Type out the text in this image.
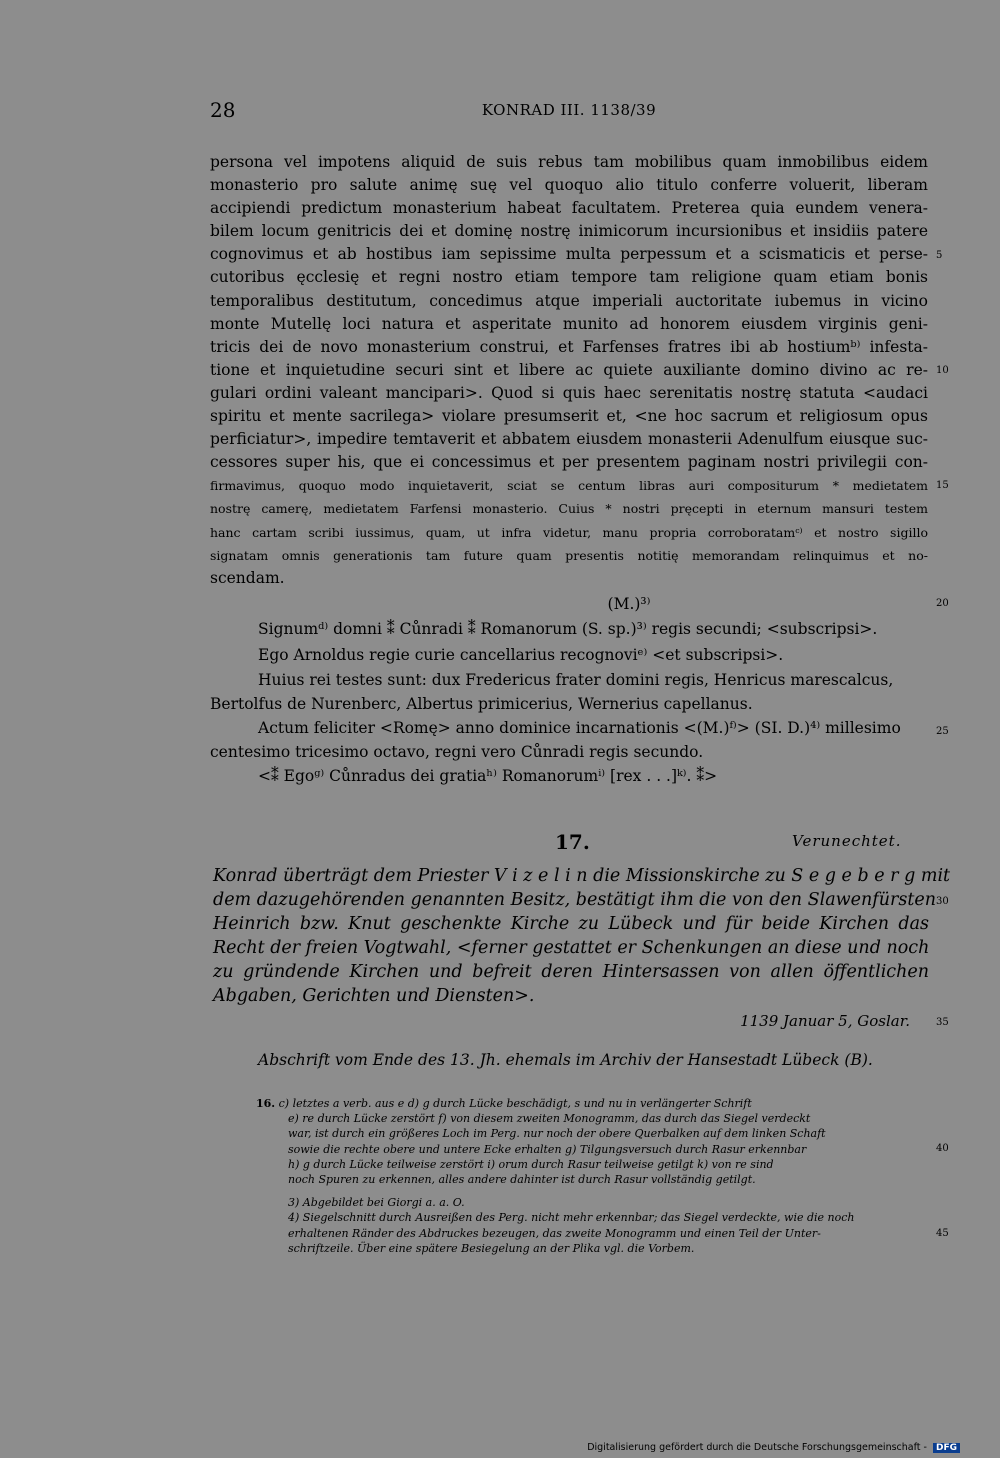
28	KONRAD III. 1138/39
persona vel impotens aliquid de suis rebus tam mobilibus quam inmobilibus eidem
monasterio pro salute animę suę vel quoquo alio titulo conferre voluerit, liberam
accipiendi predictum monasterium habeat facultatem. Preterea quia eundem venera-
bilem locum genitricis dei et dominę nostrę inimicorum incursionibus et insidiis patere
cognovimus et ab hostibus iam sepissime multa perpessum et a scismaticis et perse-
cutoribus ęcclesię et regni nostro etiam tempore tam religione quam etiam bonis
temporalibus destitutum, concedimus atque imperiali auctoritate iubemus in vicino
monte Mutellę loci natura et asperitate munito ad honorem eiusdem virginis geni-
tricis dei de novo monasterium construi, et Farfenses fratres ibi ab hostiumᵇ⁾ infesta-
tione et inquietudine securi sint et libere ac quiete auxiliante domino divino ac re-
gulari ordini valeant mancipari>. Quod si quis haec serenitatis nostrę statuta <audaci
spiritu et mente sacrilega> violare presumserit et, <ne hoc sacrum et religiosum opus
perficiatur>, impedire temtaverit et abbatem eiusdem monasterii Adenulfum eiusque suc-
cessores super his, que ei concessimus et per presentem paginam nostri privilegii con-
firmavimus, quoquo modo inquietaverit, sciat se centum libras auri compositurum * medietatem
nostrę camerę, medietatem Farfensi monasterio. Cuius * nostri pręcepti in eternum mansuri testem
hanc cartam scribi iussimus, quam, ut infra videtur, manu propria corroboratamᶜ⁾ et nostro sigillo
signatam omnis generationis tam future quam presentis notitię memorandam relinquimus et no-
scendam.
5
10
15
20
25
30
35
40
45
(M.)³⁾
Signumᵈ⁾ domni ⁑ Cůnradi ⁑ Romanorum (S. sp.)³⁾ regis secundi; <subscripsi>.
Ego Arnoldus regie curie cancellarius recognoviᵉ⁾ <et subscripsi>.
Huius rei testes sunt: dux Fredericus frater domini regis, Henricus marescalcus,
Bertolfus de Nurenberc, Albertus primicerius, Wernerius capellanus.
Actum feliciter <Romę> anno dominice incarnationis <(M.)ᶠ⁾> (SI. D.)⁴⁾ millesimo
centesimo tricesimo octavo, regni vero Cůnradi regis secundo.
<⁑ Egoᵍ⁾ Cůnradus dei gratiaʰ⁾ Romanorumⁱ⁾ [rex . . .]ᵏ⁾. ⁑>
17.	Verunechtet.
Konrad überträgt dem Priester V i z e l i n die Missionskirche zu S e g e b e r g mit
dem dazugehörenden genannten Besitz, bestätigt ihm die von den Slawenfürsten
Heinrich bzw. Knut geschenkte Kirche zu Lübeck und für beide Kirchen das
Recht der freien Vogtwahl, <ferner gestattet er Schenkungen an diese und noch
zu gründende Kirchen und befreit deren Hintersassen von allen öffentlichen
Abgaben, Gerichten und Diensten>.
1139 Januar 5, Goslar.
Abschrift vom Ende des 13. Jh. ehemals im Archiv der Hansestadt Lübeck (B).
16. c) letztes a verb. aus e d) g durch Lücke beschädigt, s und nu in verlängerter Schrift
e) re durch Lücke zerstört f) von diesem zweiten Monogramm, das durch das Siegel verdeckt
war, ist durch ein größeres Loch im Perg. nur noch der obere Querbalken auf dem linken Schaft
sowie die rechte obere und untere Ecke erhalten g) Tilgungsversuch durch Rasur erkennbar
h) g durch Lücke teilweise zerstört i) orum durch Rasur teilweise getilgt k) von re sind
noch Spuren zu erkennen, alles andere dahinter ist durch Rasur vollständig getilgt.
3) Abgebildet bei Giorgi a. a. O.
4) Siegelschnitt durch Ausreißen des Perg. nicht mehr erkennbar; das Siegel verdeckte, wie die noch
erhaltenen Ränder des Abdruckes bezeugen, das zweite Monogramm und einen Teil der Unter-
schriftzeile. Über eine spätere Besiegelung an der Plika vgl. die Vorbem.
Digitalisierung gefördert durch die Deutsche Forschungsgemeinschaft - DFG
